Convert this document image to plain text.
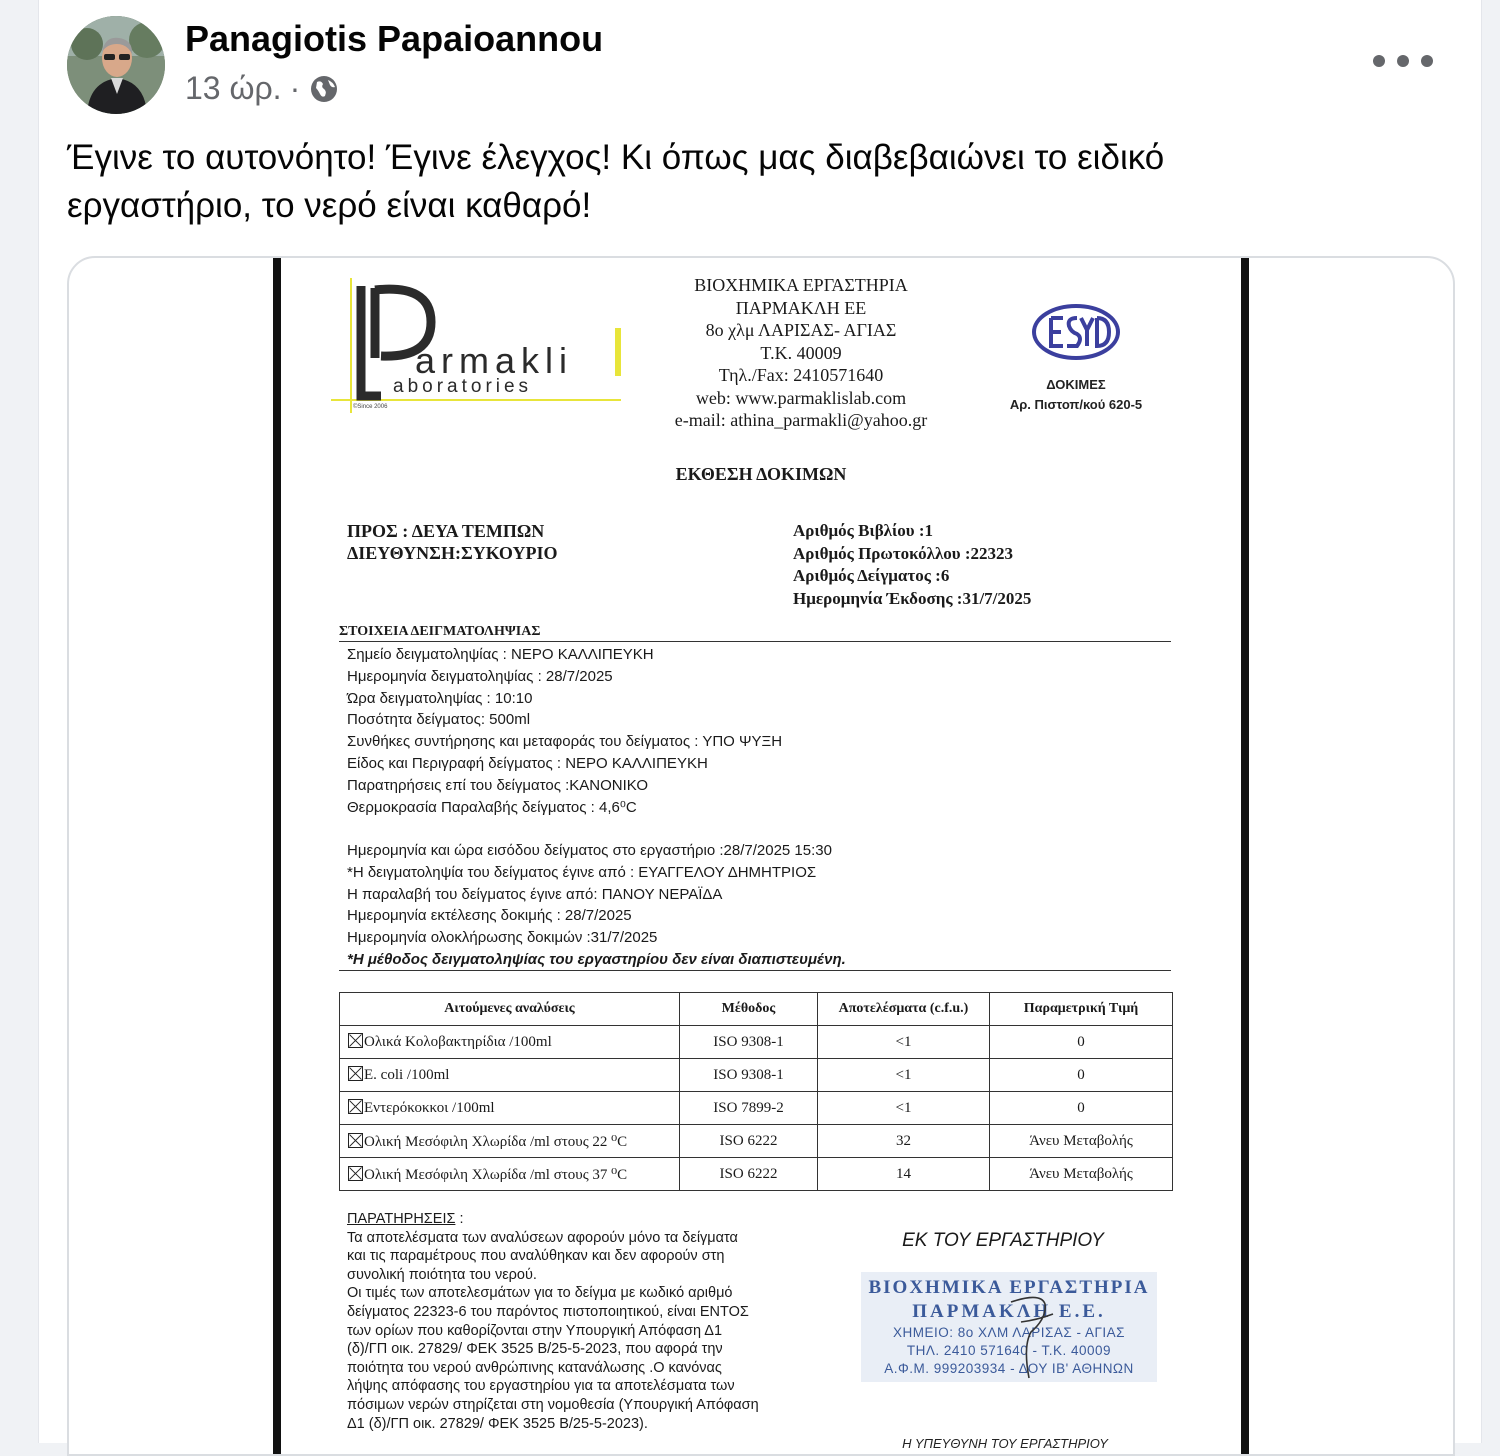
Panagiotis Papaioannou
13 ώρ. ·
Έγινε το αυτονόητο! Έγινε έλεγχος! Κι όπως μας διαβεβαιώνει το ειδικό
εργαστήριο, το νερό είναι καθαρό!
armakli
aboratories
©Since 2006
ΒΙΟΧΗΜΙΚΑ ΕΡΓΑΣΤΗΡΙΑ
ΠΑΡΜΑΚΛΗ ΕΕ
8ο χλμ ΛΑΡΙΣΑΣ- ΑΓΙΑΣ
Τ.Κ. 40009
Τηλ./Fax: 2410571640
web: www.parmaklislab.com
e-mail: athina_parmakli@yahoo.gr
ΔΟΚΙΜΕΣ
Αρ. Πιστοπ/κού 620-5
ΕΚΘΕΣΗ ΔΟΚΙΜΩΝ
ΠΡΟΣ : ΔΕΥΑ ΤΕΜΠΩΝ
ΔΙΕΥΘΥΝΣΗ:ΣΥΚΟΥΡΙΟ
Αριθμός Βιβλίου :1
Αριθμός Πρωτοκόλλου :22323
Αριθμός Δείγματος :6
Ημερομηνία Έκδοσης :31/7/2025
ΣΤΟΙΧΕΙΑ ΔΕΙΓΜΑΤΟΛΗΨΙΑΣ
Σημείο δειγματοληψίας : ΝΕΡΟ ΚΑΛΛΙΠΕΥΚΗ
Ημερομηνία δειγματοληψίας : 28/7/2025
Ώρα δειγματοληψίας : 10:10
Ποσότητα δείγματος: 500ml
Συνθήκες συντήρησης και μεταφοράς του δείγματος : ΥΠΟ ΨΥΞΗ
Είδος και Περιγραφή δείγματος : ΝΕΡΟ ΚΑΛΛΙΠΕΥΚΗ
Παρατηρήσεις επί του δείγματος :ΚΑΝΟΝΙΚΟ
Θερμοκρασία Παραλαβής δείγματος : 4,6⁰C
Ημερομηνία και ώρα εισόδου δείγματος στο εργαστήριο :28/7/2025 15:30
*Η δειγματοληψία του δείγματος έγινε από : ΕΥΑΓΓΕΛΟΥ ΔΗΜΗΤΡΙΟΣ
Η παραλαβή του δείγματος έγινε από: ΠΑΝΟΥ ΝΕΡΑΪΔΑ
Ημερομηνία εκτέλεσης δοκιμής : 28/7/2025
Ημερομηνία ολοκλήρωσης δοκιμών :31/7/2025
*Η μέθοδος δειγματοληψίας του εργαστηρίου δεν είναι διαπιστευμένη.
Αιτούμενες αναλύσεις	Μέθοδος	Αποτελέσματα (c.f.u.)	Παραμετρική Τιμή
Ολικά Κολοβακτηρίδια /100ml	ISO 9308-1	<1	0
E. coli /100ml	ISO 9308-1	<1	0
Εντερόκοκκοι /100ml	ISO 7899-2	<1	0
Ολική Μεσόφιλη Χλωρίδα /ml στους 22 ⁰C	ISO 6222	32	Άνευ Μεταβολής
Ολική Μεσόφιλη Χλωρίδα /ml στους 37 ⁰C	ISO 6222	14	Άνευ Μεταβολής
ΠΑΡΑΤΗΡΗΣΕΙΣ :
Τα αποτελέσματα των αναλύσεων αφορούν μόνο τα δείγματα
και τις παραμέτρους που αναλύθηκαν και δεν αφορούν στη
συνολική ποιότητα του νερού.
Οι τιμές των αποτελεσμάτων για το δείγμα με κωδικό αριθμό
δείγματος 22323-6 του παρόντος πιστοποιητικού, είναι ΕΝΤΟΣ
των ορίων που καθορίζονται στην Υπουργική Απόφαση Δ1
(δ)/ΓΠ οικ. 27829/ ΦΕΚ 3525 Β/25-5-2023, που αφορά την
ποιότητα του νερού ανθρώπινης κατανάλωσης .Ο κανόνας
λήψης απόφασης του εργαστηρίου για τα αποτελέσματα των
πόσιμων νερών στηρίζεται στη νομοθεσία (Υπουργική Απόφαση
Δ1 (δ)/ΓΠ οικ. 27829/ ΦΕΚ 3525 Β/25-5-2023).
ΕΚ ΤΟΥ ΕΡΓΑΣΤΗΡΙΟΥ
ΒΙΟΧΗΜΙΚΑ ΕΡΓΑΣΤΗΡΙΑ
ΠΑΡΜΑΚΛΗ Ε.Ε.
ΧΗΜΕΙΟ: 8ο ΧΛΜ ΛΑΡΙΣΑΣ - ΑΓΙΑΣ
ΤΗΛ. 2410 571640 - Τ.Κ. 40009
Α.Φ.Μ. 999203934 - ΔΟΥ ΙΒ' ΑΘΗΝΩΝ
Η ΥΠΕΥΘΥΝΗ ΤΟΥ ΕΡΓΑΣΤΗΡΙΟΥ
